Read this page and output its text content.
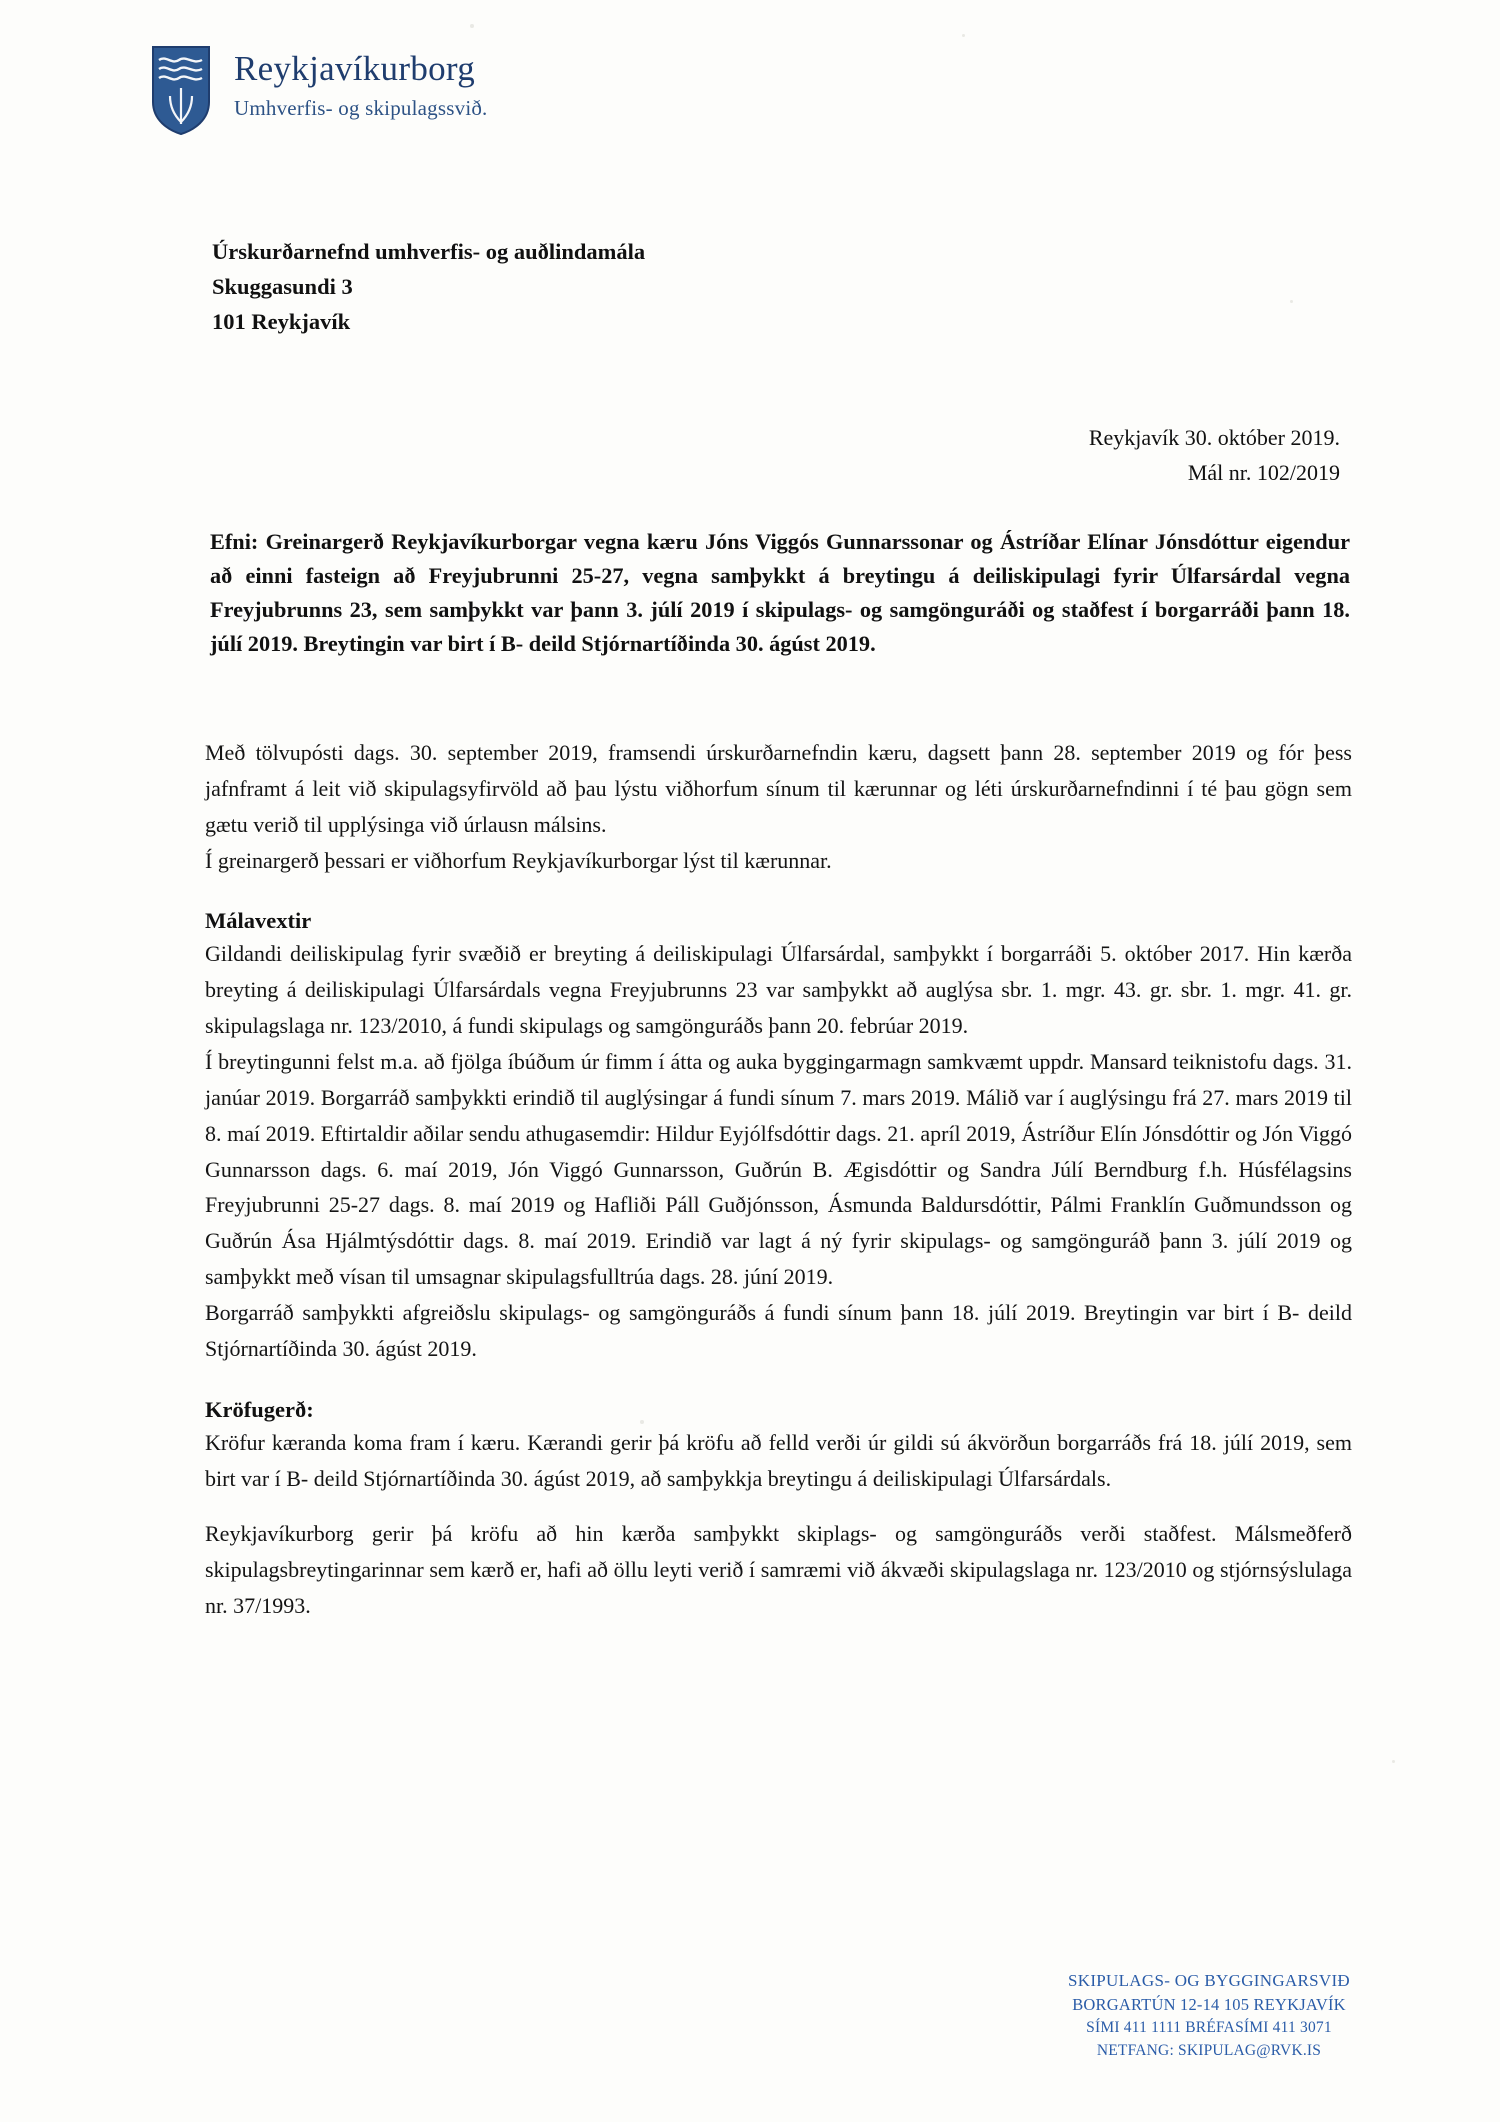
Reykjavíkurborg
Umhverfis- og skipulagssvið.
Úrskurðarnefnd umhverfis- og auðlindamála
Skuggasundi 3
101 Reykjavík
Reykjavík 30. október 2019.
Mál nr. 102/2019
Efni: Greinargerð Reykjavíkurborgar vegna kæru Jóns Viggós Gunnarssonar og Ástríðar Elínar Jónsdóttur eigendur að einni fasteign að Freyjubrunni 25-27, vegna samþykkt á breytingu á deiliskipulagi fyrir Úlfarsárdal vegna Freyjubrunns 23, sem samþykkt var þann 3. júlí 2019 í skipulags- og samgönguráði og staðfest í borgarráði þann 18. júlí 2019. Breytingin var birt í B- deild Stjórnartíðinda 30. ágúst 2019.

Með tölvupósti dags. 30. september 2019, framsendi úrskurðarnefndin kæru, dagsett þann 28. september 2019 og fór þess jafnframt á leit við skipulagsyfirvöld að þau lýstu viðhorfum sínum til kærunnar og léti úrskurðarnefndinni í té þau gögn sem gætu verið til upplýsinga við úrlausn málsins.

Í greinargerð þessari er viðhorfum Reykjavíkurborgar lýst til kærunnar.

Málavextir

Gildandi deiliskipulag fyrir svæðið er breyting á deiliskipulagi Úlfarsárdal, samþykkt í borgarráði 5. október 2017. Hin kærða breyting á deiliskipulagi Úlfarsárdals vegna Freyjubrunns 23 var samþykkt að auglýsa sbr. 1. mgr. 43. gr. sbr. 1. mgr. 41. gr. skipulagslaga nr. 123/2010, á fundi skipulags og samgönguráðs þann 20. febrúar 2019.

Í breytingunni felst m.a. að fjölga íbúðum úr fimm í átta og auka byggingarmagn samkvæmt uppdr. Mansard teiknistofu dags. 31. janúar 2019. Borgarráð samþykkti erindið til auglýsingar á fundi sínum 7. mars 2019. Málið var í auglýsingu frá 27. mars 2019 til 8. maí 2019. Eftirtaldir aðilar sendu athugasemdir: Hildur Eyjólfsdóttir dags. 21. apríl 2019, Ástríður Elín Jónsdóttir og Jón Viggó Gunnarsson dags. 6. maí 2019, Jón Viggó Gunnarsson, Guðrún B. Ægisdóttir og Sandra Júlí Berndburg f.h. Húsfélagsins Freyjubrunni 25-27 dags. 8. maí 2019 og Hafliði Páll Guðjónsson, Ásmunda Baldursdóttir, Pálmi Franklín Guðmundsson og Guðrún Ása Hjálmtýsdóttir dags. 8. maí 2019. Erindið var lagt á ný fyrir skipulags- og samgönguráð þann 3. júlí 2019 og samþykkt með vísan til umsagnar skipulagsfulltrúa dags. 28. júní 2019.

Borgarráð samþykkti afgreiðslu skipulags- og samgönguráðs á fundi sínum þann 18. júlí 2019. Breytingin var birt í B- deild Stjórnartíðinda 30. ágúst 2019.

Kröfugerð:

Kröfur kæranda koma fram í kæru. Kærandi gerir þá kröfu að felld verði úr gildi sú ákvörðun borgarráðs frá 18. júlí 2019, sem birt var í B- deild Stjórnartíðinda 30. ágúst 2019, að samþykkja breytingu á deiliskipulagi Úlfarsárdals.

Reykjavíkurborg gerir þá kröfu að hin kærða samþykkt skiplags- og samgönguráðs verði staðfest. Málsmeðferð skipulagsbreytingarinnar sem kærð er, hafi að öllu leyti verið í samræmi við ákvæði skipulagslaga nr. 123/2010 og stjórnsýslulaga nr. 37/1993.

SKIPULAGS- OG BYGGINGARSVIÐ
BORGARTÚN 12-14 105 REYKJAVÍK
SÍMI 411 1111 BRÉFASÍMI 411 3071
NETFANG: SKIPULAG@RVK.IS
